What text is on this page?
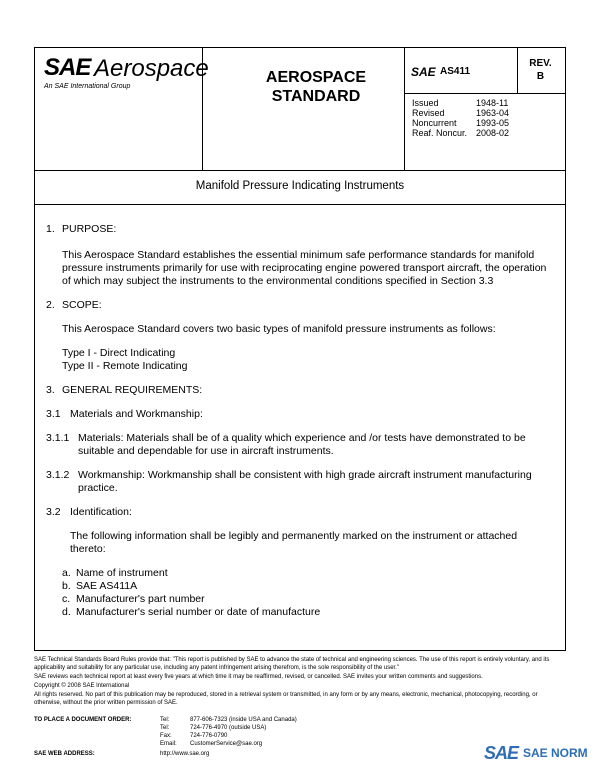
SAE Aerospace
An SAE International Group
AEROSPACE
STANDARD
SAE AS411
REV.
B
Issued	1948-11
Revised	1963-04
Noncurrent	1993-05
Reaf. Noncur. 2008-02
Manifold Pressure Indicating Instruments
1. PURPOSE:

This Aerospace Standard establishes the essential minimum safe performance standards for manifold pressure instruments primarily for use with reciprocating engine powered transport aircraft, the operation of which may subject the instruments to the environmental conditions specified in Section 3.3

2. SCOPE:

This Aerospace Standard covers two basic types of manifold pressure instruments as follows:

Type I - Direct Indicating

Type II - Remote Indicating

3. GENERAL REQUIREMENTS:
3.1 Materials and Workmanship:
3.1.1 Materials: Materials shall be of a quality which experience and /or tests have demonstrated to be suitable and dependable for use in aircraft instruments.

3.1.2 Workmanship: Workmanship shall be consistent with high grade aircraft instrument manufacturing practice.

3.2 Identification:

The following information shall be legibly and permanently marked on the instrument or attached thereto:

a. Name of instrument
b. SAE AS411A
c. Manufacturer's part number
d. Manufacturer's serial number or date of manufacture
SAE Technical Standards Board Rules provide that: "This report is published by SAE to advance the state of technical and engineering sciences. The use of this report is entirely voluntary, and its applicability and suitability for any particular use, including any patent infringement arising therefrom, is the sole responsibility of the user."
SAE reviews each technical report at least every five years at which time it may be reaffirmed, revised, or cancelled. SAE invites your written comments and suggestions.
Copyright © 2008 SAE International
All rights reserved. No part of this publication may be reproduced, stored in a retrieval system or transmitted, in any form or by any means, electronic, mechanical, photocopying, recording, or otherwise, without the prior written permission of SAE.
TO PLACE A DOCUMENT ORDER:	Tel:	877-606-7323 (inside USA and Canada)
Tel:	724-776-4970 (outside USA)
Fax:	724-776-0790
Email: CustomerService@sae.org
SAE WEB ADDRESS:	http://www.sae.org	SAE SAE NORM
